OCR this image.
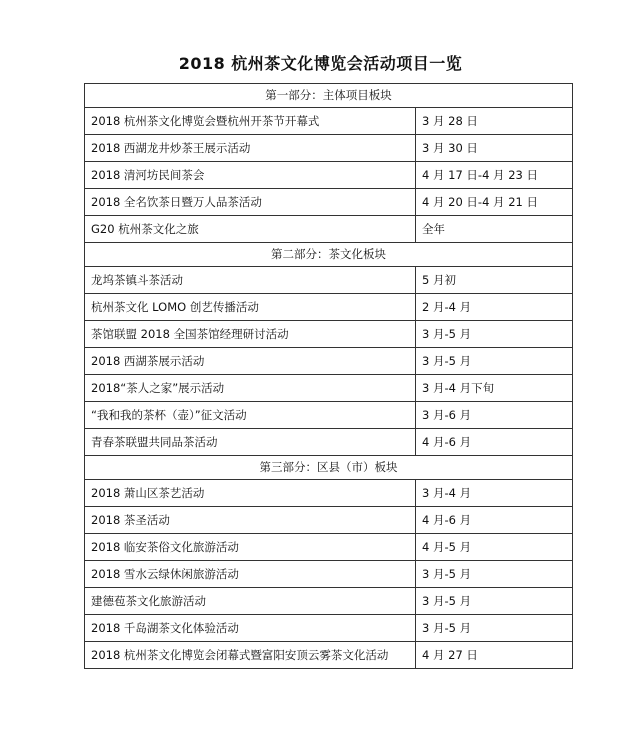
2018 杭州茶文化博览会活动项目一览
第一部分：主体项目板块	
2018 杭州茶文化博览会暨杭州开茶节开幕式	3 月 28 日
2018 西湖龙井炒茶王展示活动	3 月 30 日
2018 清河坊民间茶会	4 月 17 日-4 月 23 日
2018 全名饮茶日暨万人品茶活动	4 月 20 日-4 月 21 日
G20 杭州茶文化之旅	全年
第二部分：茶文化板块	
龙坞茶镇斗茶活动	5 月初
杭州茶文化 LOMO 创艺传播活动	2 月-4 月
茶馆联盟 2018 全国茶馆经理研讨活动	3 月-5 月
2018 西湖茶展示活动	3 月-5 月
2018“茶人之家”展示活动	3 月-4 月下旬
“我和我的茶杯（壶）”征文活动	3 月-6 月
青春茶联盟共同品茶活动	4 月-6 月
第三部分：区县（市）板块	
2018 萧山区茶艺活动	3 月-4 月
2018 茶圣活动	4 月-6 月
2018 临安茶俗文化旅游活动	4 月-5 月
2018 雪水云绿休闲旅游活动	3 月-5 月
建德苞茶文化旅游活动	3 月-5 月
2018 千岛湖茶文化体验活动	3 月-5 月
2018 杭州茶文化博览会闭幕式暨富阳安顶云雾茶文化活动	4 月 27 日
